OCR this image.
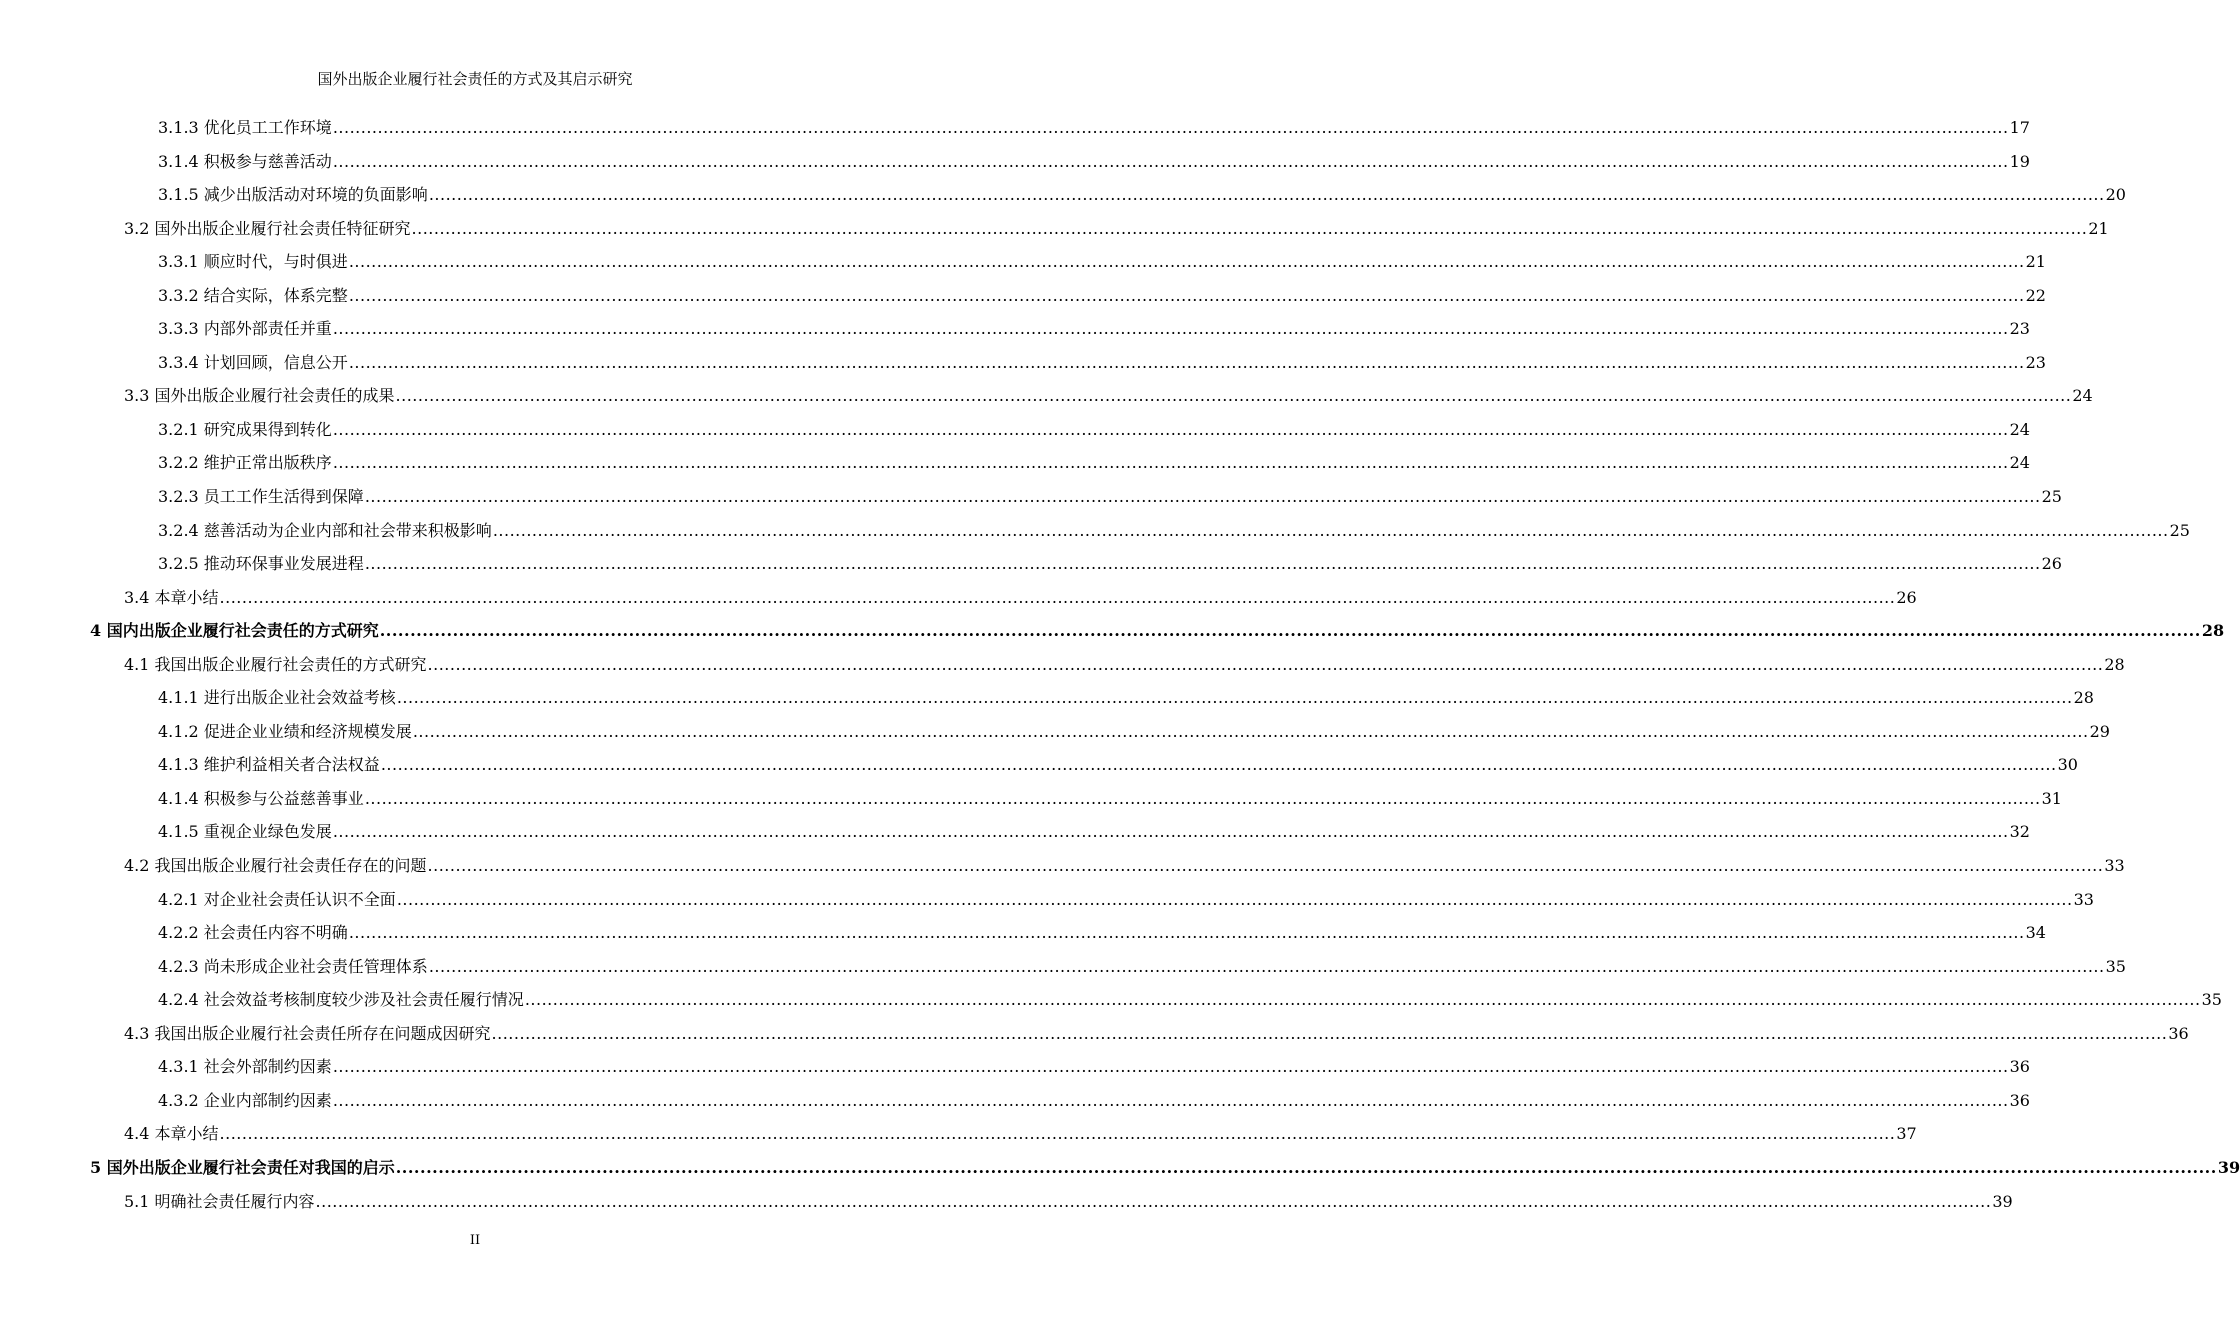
国外出版企业履行社会责任的方式及其启示研究
3.1.3 优化员工工作环境 ............................................................................................................................................................................................................................................................................................................ 17
3.1.4 积极参与慈善活动 ............................................................................................................................................................................................................................................................................................................ 19
3.1.5 减少出版活动对环境的负面影响 ............................................................................................................................................................................................................................................................................................................ 20
3.2 国外出版企业履行社会责任特征研究 ............................................................................................................................................................................................................................................................................................................ 21
3.3.1 顺应时代，与时俱进 ............................................................................................................................................................................................................................................................................................................ 21
3.3.2 结合实际，体系完整 ............................................................................................................................................................................................................................................................................................................ 22
3.3.3 内部外部责任并重 ............................................................................................................................................................................................................................................................................................................ 23
3.3.4 计划回顾，信息公开 ............................................................................................................................................................................................................................................................................................................ 23
3.3 国外出版企业履行社会责任的成果 ............................................................................................................................................................................................................................................................................................................ 24
3.2.1 研究成果得到转化 ............................................................................................................................................................................................................................................................................................................ 24
3.2.2 维护正常出版秩序 ............................................................................................................................................................................................................................................................................................................ 24
3.2.3 员工工作生活得到保障 ............................................................................................................................................................................................................................................................................................................ 25
3.2.4 慈善活动为企业内部和社会带来积极影响 ............................................................................................................................................................................................................................................................................................................ 25
3.2.5 推动环保事业发展进程 ............................................................................................................................................................................................................................................................................................................ 26
3.4 本章小结 ............................................................................................................................................................................................................................................................................................................ 26
4 国内出版企业履行社会责任的方式研究 ............................................................................................................................................................................................................................................................................................................ 28
4.1 我国出版企业履行社会责任的方式研究 ............................................................................................................................................................................................................................................................................................................ 28
4.1.1 进行出版企业社会效益考核 ............................................................................................................................................................................................................................................................................................................ 28
4.1.2 促进企业业绩和经济规模发展 ............................................................................................................................................................................................................................................................................................................ 29
4.1.3 维护利益相关者合法权益 ............................................................................................................................................................................................................................................................................................................ 30
4.1.4 积极参与公益慈善事业 ............................................................................................................................................................................................................................................................................................................ 31
4.1.5 重视企业绿色发展 ............................................................................................................................................................................................................................................................................................................ 32
4.2 我国出版企业履行社会责任存在的问题 ............................................................................................................................................................................................................................................................................................................ 33
4.2.1 对企业社会责任认识不全面 ............................................................................................................................................................................................................................................................................................................ 33
4.2.2 社会责任内容不明确 ............................................................................................................................................................................................................................................................................................................ 34
4.2.3 尚未形成企业社会责任管理体系 ............................................................................................................................................................................................................................................................................................................ 35
4.2.4 社会效益考核制度较少涉及社会责任履行情况 ............................................................................................................................................................................................................................................................................................................ 35
4.3 我国出版企业履行社会责任所存在问题成因研究 ............................................................................................................................................................................................................................................................................................................ 36
4.3.1 社会外部制约因素 ............................................................................................................................................................................................................................................................................................................ 36
4.3.2 企业内部制约因素 ............................................................................................................................................................................................................................................................................................................ 36
4.4 本章小结 ............................................................................................................................................................................................................................................................................................................ 37
5 国外出版企业履行社会责任对我国的启示 ............................................................................................................................................................................................................................................................................................................ 39
5.1 明确社会责任履行内容 ............................................................................................................................................................................................................................................................................................................ 39
II
